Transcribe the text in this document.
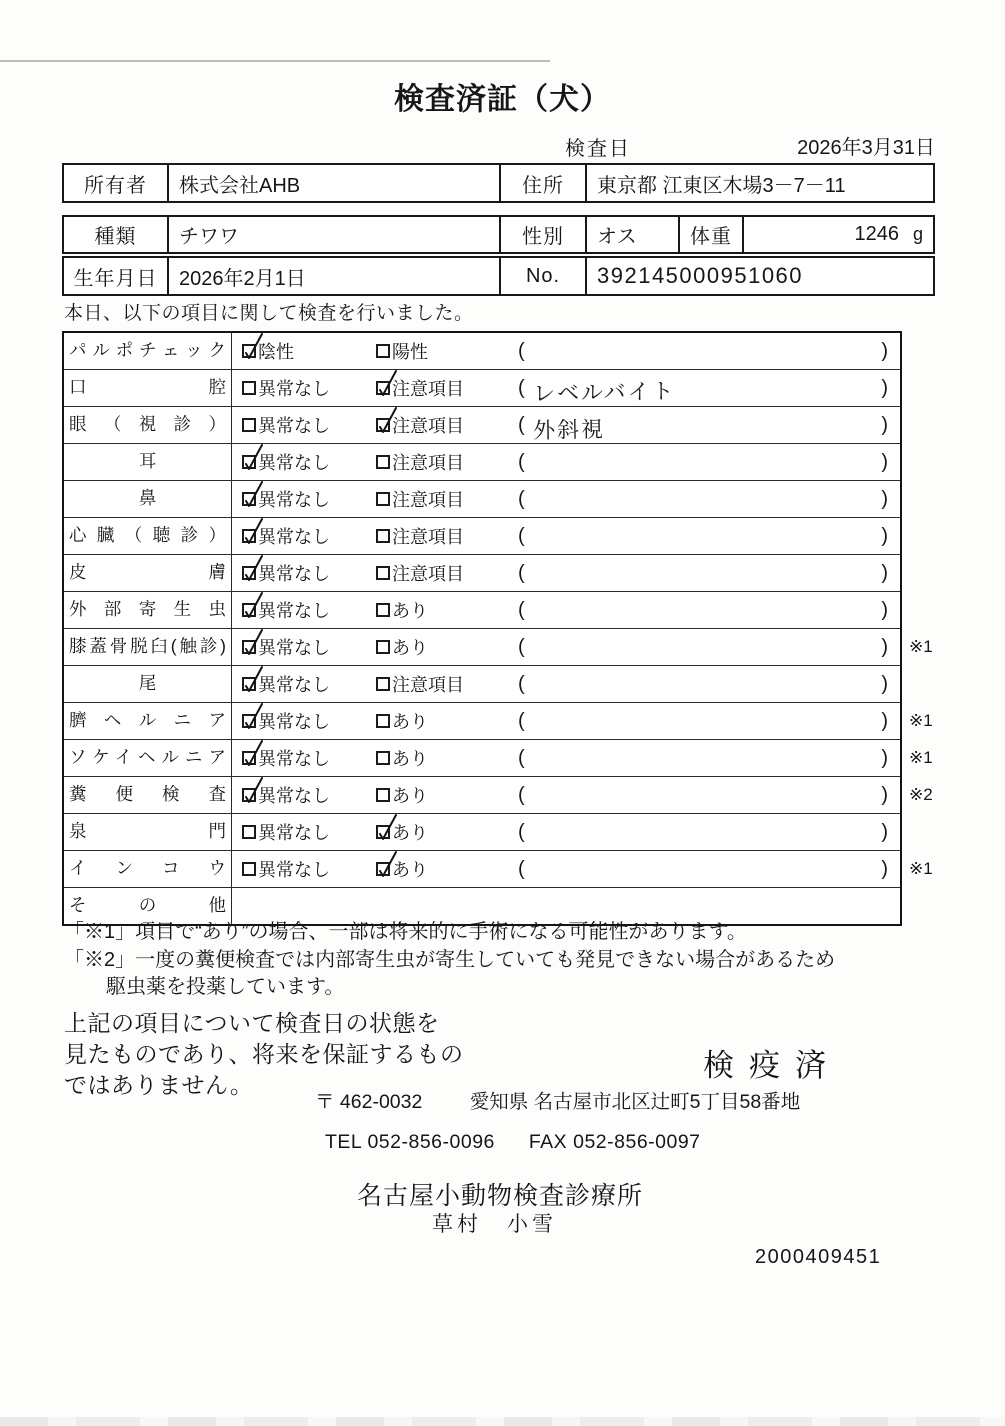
検査済証（犬）
検査日	2026年3月31日
所有者	株式会社AHB	住所	東京都 江東区木場3－7－11
種類	チワワ	性別	オス	体重	1246 g
生年月日	2026年2月1日	No.	392145000951060
本日、以下の項目に関して検査を行いました。
パルポチェック	陰性	陽性	(	)
口腔	異常なし	注意項目	( レベルバイト	)
眼（視診）	異常なし	注意項目	( 外斜視	)
耳	異常なし	注意項目	(	)
鼻	異常なし	注意項目	(	)
心臓（聴診）	異常なし	注意項目	(	)
皮膚	異常なし	注意項目	(	)
外部寄生虫	異常なし	あり	(	)
膝蓋骨脱臼(触診)	異常なし	あり	(	) ※1
尾	異常なし	注意項目	(	)
臍ヘルニア	異常なし	あり	(	) ※1
ソケイヘルニア	異常なし	あり	(	) ※1
糞便検査	異常なし	あり	(	) ※2
泉門	異常なし	あり	(	)
インコウ	異常なし	あり	(	) ※1
その他
「※1」項目で“あり”の場合、一部は将来的に手術になる可能性があります。
「※2」一度の糞便検査では内部寄生虫が寄生していても発見できない場合があるため
駆虫薬を投薬しています。
上記の項目について検査日の状態を
見たものであり、将来を保証するもの
ではありません。
検疫済
〒 462-0032 愛知県 名古屋市北区辻町5丁目58番地
TEL 052-856-0096 FAX 052-856-0097
名古屋小動物検査診療所
草村　小雪
2000409451
